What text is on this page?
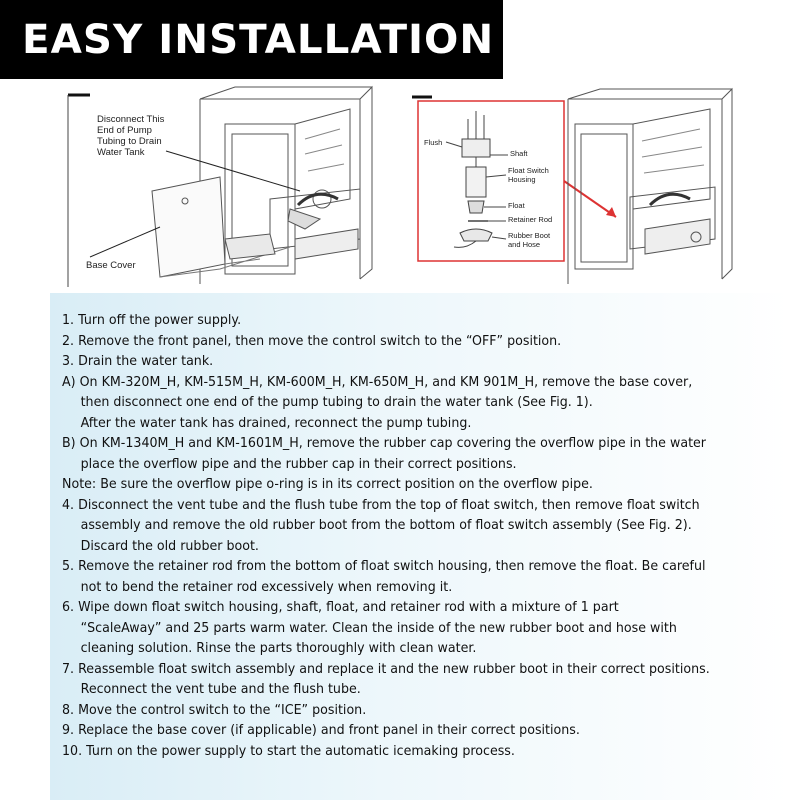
EASY INSTALLATION
Disconnect This
End of Pump
Tubing to Drain
Water Tank
Base Cover
Flush
Shaft
Float Switch
Housing
Float
Retainer Rod
Rubber Boot
and Hose
1. Turn off the power supply.
2. Remove the front panel, then move the control switch to the “OFF” position.
3. Drain the water tank.
A) On KM-320M_H, KM-515M_H, KM-600M_H, KM-650M_H, and KM 901M_H, remove the base cover,
then disconnect one end of the pump tubing to drain the water tank (See Fig. 1).
After the water tank has drained, reconnect the pump tubing.
B) On KM-1340M_H and KM-1601M_H, remove the rubber cap covering the overflow pipe in the water
place the overflow pipe and the rubber cap in their correct positions.
Note: Be sure the overflow pipe o-ring is in its correct position on the overflow pipe.
4. Disconnect the vent tube and the flush tube from the top of float switch, then remove float switch
assembly and remove the old rubber boot from the bottom of float switch assembly (See Fig. 2).
Discard the old rubber boot.
5. Remove the retainer rod from the bottom of float switch housing, then remove the float. Be careful
not to bend the retainer rod excessively when removing it.
6. Wipe down float switch housing, shaft, float, and retainer rod with a mixture of 1 part
“ScaleAway” and 25 parts warm water. Clean the inside of the new rubber boot and hose with
cleaning solution. Rinse the parts thoroughly with clean water.
7. Reassemble float switch assembly and replace it and the new rubber boot in their correct positions.
Reconnect the vent tube and the flush tube.
8. Move the control switch to the “ICE” position.
9. Replace the base cover (if applicable) and front panel in their correct positions.
10. Turn on the power supply to start the automatic icemaking process.
